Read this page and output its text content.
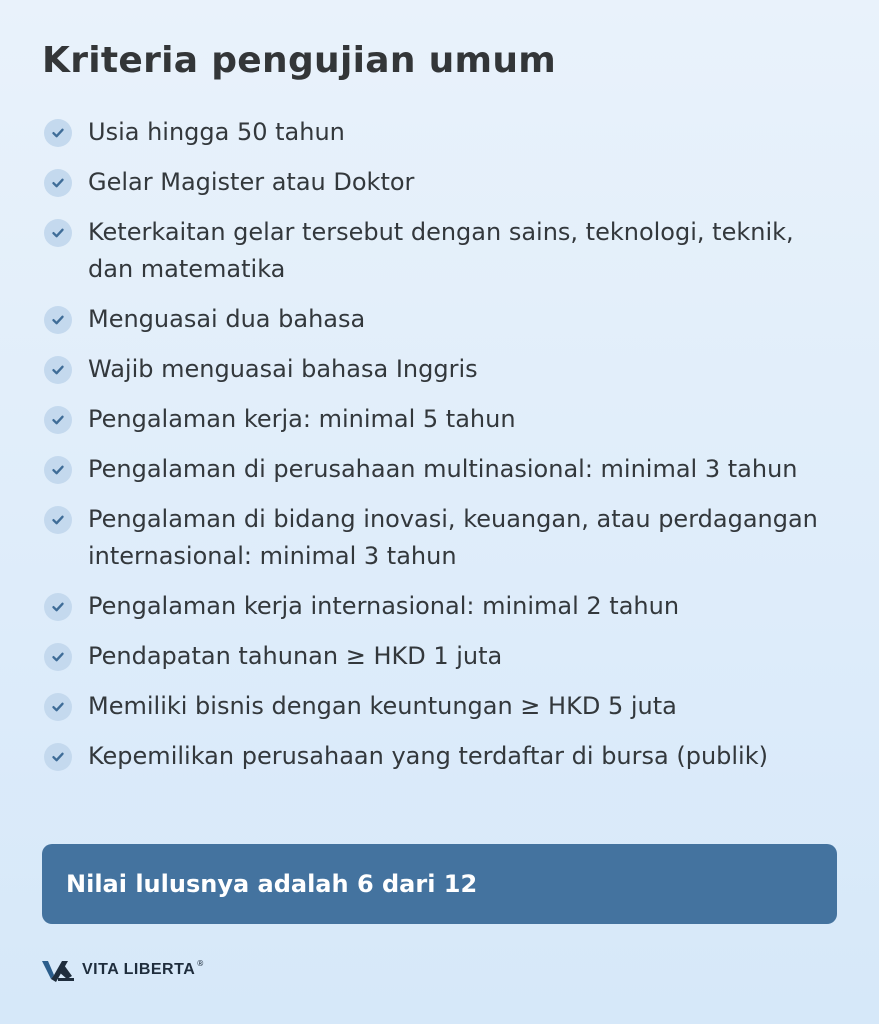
Kriteria pengujian umum
Usia hingga 50 tahun
Gelar Magister atau Doktor
Keterkaitan gelar tersebut dengan sains, teknologi, teknik, dan matematika
Menguasai dua bahasa
Wajib menguasai bahasa Inggris
Pengalaman kerja: minimal 5 tahun
Pengalaman di perusahaan multinasional: minimal 3 tahun
Pengalaman di bidang inovasi, keuangan, atau perdagangan internasional: minimal 3 tahun
Pengalaman kerja internasional: minimal 2 tahun
Pendapatan tahunan ≥ HKD 1 juta
Memiliki bisnis dengan keuntungan ≥ HKD 5 juta
Kepemilikan perusahaan yang terdaftar di bursa (publik)
Nilai lulusnya adalah 6 dari 12
VITA LIBERTA ®
